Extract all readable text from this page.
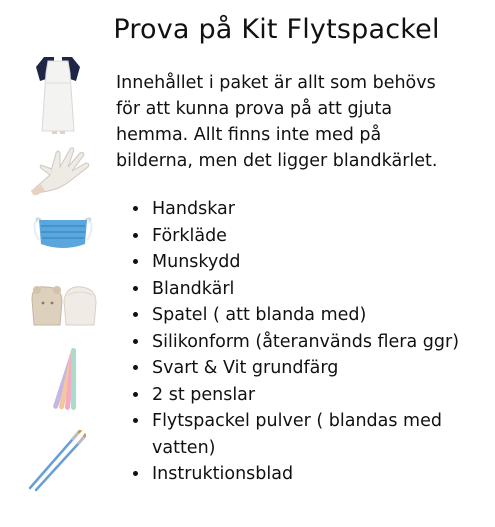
Prova på Kit Flytspackel

Innehållet i paket är allt som behövs för att kunna prova på att gjuta hemma. Allt finns inte med på bilderna, men det ligger blandkärlet.

• Handskar
• Förkläde
• Munskydd
• Blandkärl
• Spatel ( att blanda med)
• Silikonform (återanvänds flera ggr)
• Svart & Vit grundfärg
• 2 st penslar
• Flytspackel pulver ( blandas med vatten)
• Instruktionsblad
